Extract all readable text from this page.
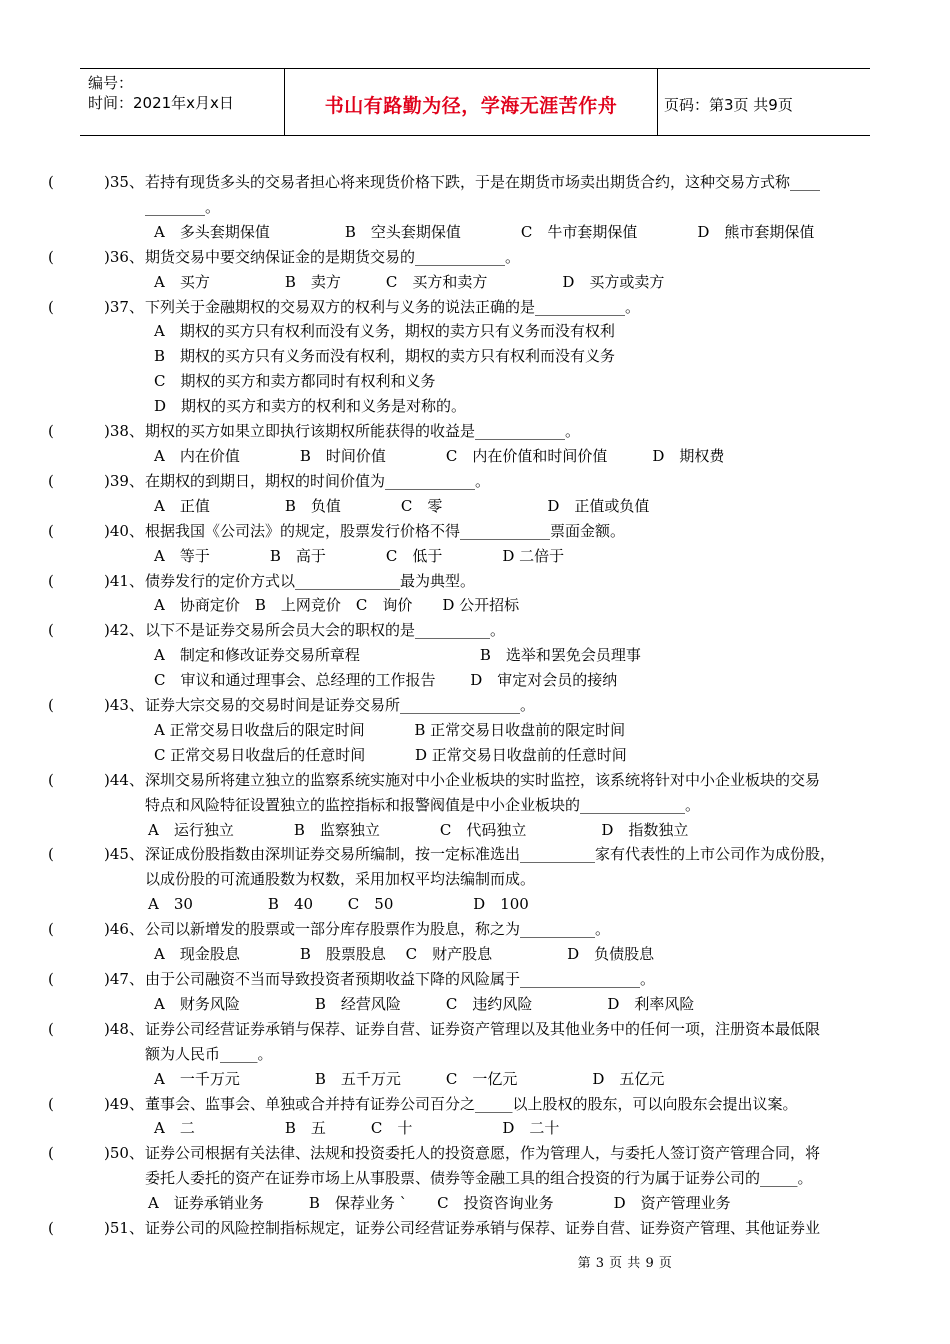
编号：
时间：2021年x月x日	书山有路勤为径，学海无涯苦作舟	页码：第3页 共9页
(	)35、 若持有现货多头的交易者担心将来现货价格下跌，于是在期货市场卖出期货合约，这种交易方式称____
________。
A　多头套期保值　　　　　B　空头套期保值　　　　C　牛市套期保值　　　　D　熊市套期保值
(	)36、 期货交易中要交纳保证金的是期货交易的____________。
A　买方　　　　　B　卖方　　　C　买方和卖方　　　　　D　买方或卖方
(	)37、 下列关于金融期权的交易双方的权利与义务的说法正确的是____________。
A　期权的买方只有权利而没有义务，期权的卖方只有义务而没有权利
B　期权的买方只有义务而没有权利，期权的卖方只有权利而没有义务
C　期权的买方和卖方都同时有权利和义务
D　期权的买方和卖方的权利和义务是对称的。
(	)38、 期权的买方如果立即执行该期权所能获得的收益是____________。
A　内在价值　　　　B　时间价值　　　　C　内在价值和时间价值　　　D　期权费
(	)39、 在期权的到期日，期权的时间价值为____________。
A　正值　　　　　B　负值　　　　C　零　　　　　　　D　正值或负值
(	)40、 根据我国《公司法》的规定，股票发行价格不得____________票面金额。
A　等于　　　　B　高于　　　　C　低于　　　　D 二倍于
(	)41、 债券发行的定价方式以______________最为典型。
A　协商定价　B　上网竞价　C　询价　　D 公开招标
(	)42、 以下不是证券交易所会员大会的职权的是__________。
A　制定和修改证券交易所章程　　　　　　　　B　选举和罢免会员理事
C　审议和通过理事会、总经理的工作报告　　 D　审定对会员的接纳
(	)43、 证券大宗交易的交易时间是证券交易所________________。
A 正常交易日收盘后的限定时间　　　 B 正常交易日收盘前的限定时间
C 正常交易日收盘后的任意时间　　　 D 正常交易日收盘前的任意时间
(	)44、 深圳交易所将建立独立的监察系统实施对中小企业板块的实时监控，该系统将针对中小企业板块的交易
特点和风险特征设置独立的监控指标和报警阀值是中小企业板块的______________。
A　运行独立　　　　B　监察独立　　　　C　代码独立　　　　　D　指数独立
(	)45、 深证成份股指数由深圳证券交易所编制，按一定标准选出__________家有代表性的上市公司作为成份股，
以成份股的可流通股数为权数，采用加权平均法编制而成。
A　30　　　　　B　40　　 C　50　　　　　 D　100
(	)46、 公司以新增发的股票或一部分库存股票作为股息，称之为__________。
A　现金股息　　　　B　股票股息　 C　财产股息　　　　　D　负债股息
(	)47、 由于公司融资不当而导致投资者预期收益下降的风险属于________________。
A　财务风险　　　　　B　经营风险　　　C　违约风险　　　　　D　利率风险
(	)48、 证券公司经营证券承销与保荐、证券自营、证券资产管理以及其他业务中的任何一项，注册资本最低限
额为人民币_____。
A　一千万元　　　　　B　五千万元　　　C　一亿元　　　　　D　五亿元
(	)49、 董事会、监事会、单独或合并持有证券公司百分之_____以上股权的股东，可以向股东会提出议案。
A　二　　　　　　B　五　　　C　十　　　　　　D　二十
(	)50、 证券公司根据有关法律、法规和投资委托人的投资意愿，作为管理人，与委托人签订资产管理合同，将
委托人委托的资产在证券市场上从事股票、债券等金融工具的组合投资的行为属于证券公司的_____。
A　证券承销业务　　　B　保荐业务 `　　C　投资咨询业务　　　　D　资产管理业务
(	)51、 证券公司的风险控制指标规定，证券公司经营证券承销与保荐、证券自营、证券资产管理、其他证券业
第 3 页 共 9 页
